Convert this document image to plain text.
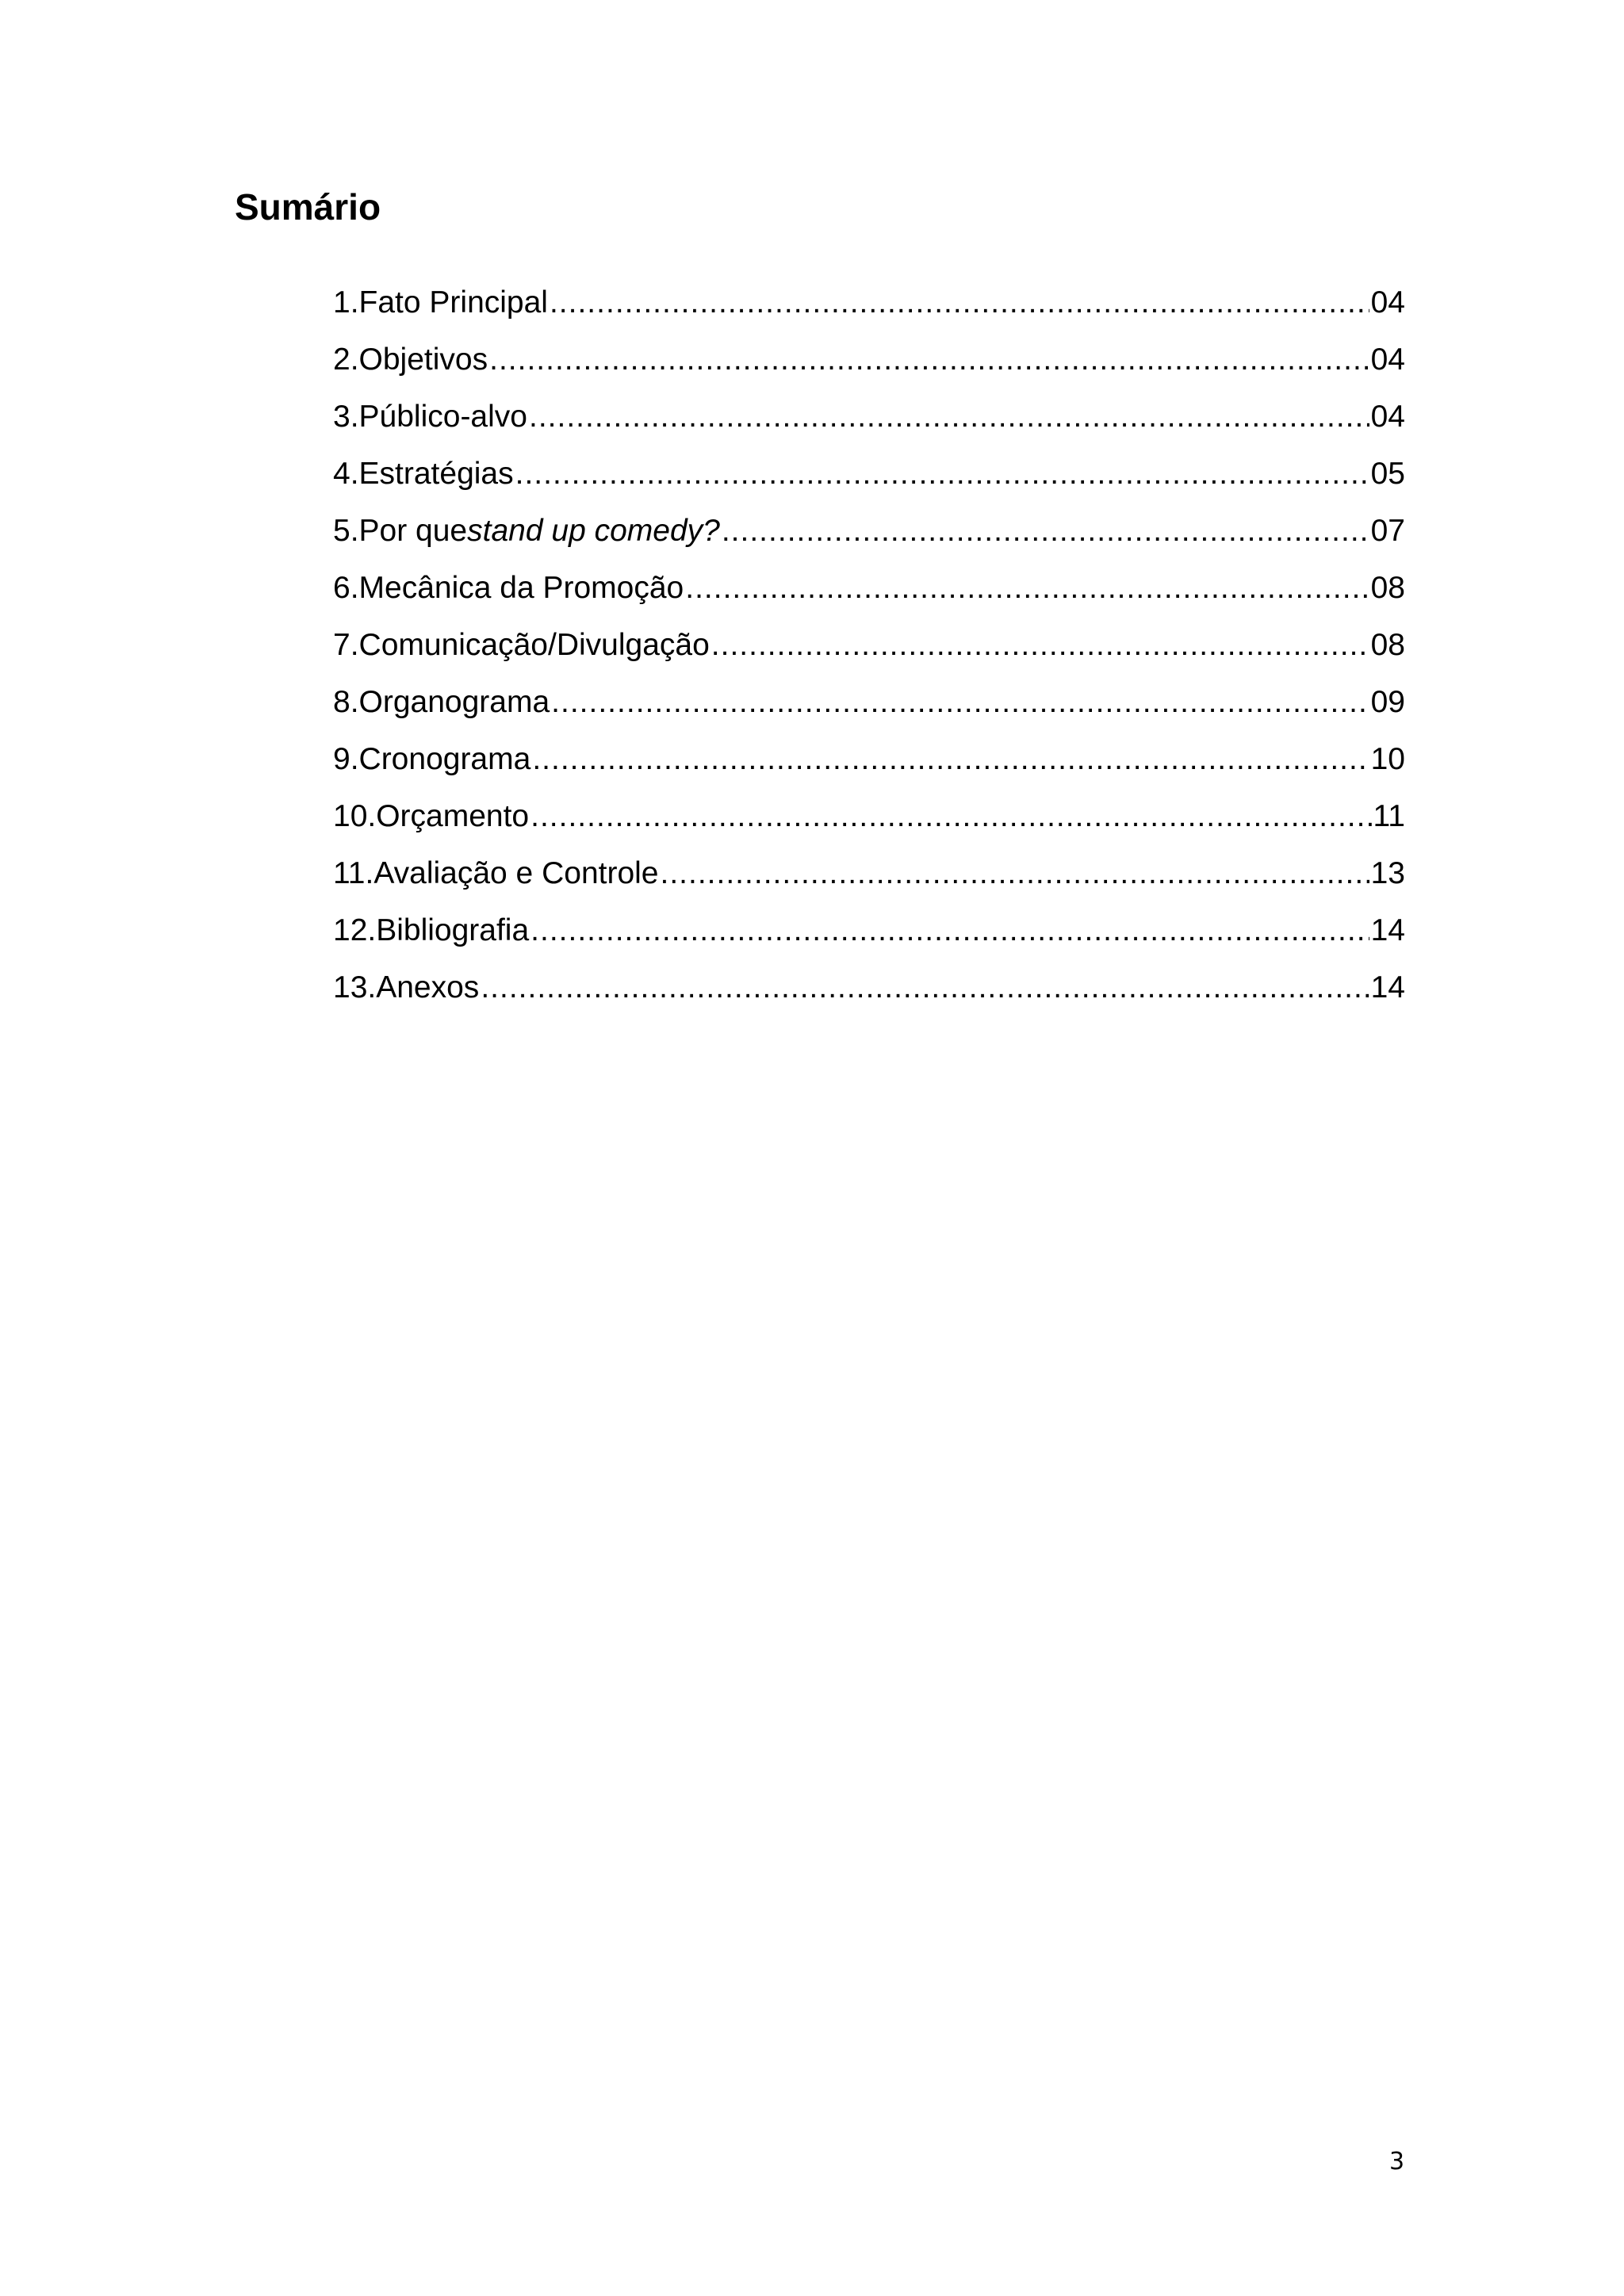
Sumário
1. Fato Principal .....	04
2. Objetivos .....	04
3. Público-alvo .....	04
4. Estratégias .....	05
5. Por que stand up comedy? .....	07
6. Mecânica da Promoção .....	08
7. Comunicação/Divulgação .....	08
8. Organograma .....	09
9. Cronograma .....	10
10. Orçamento .....	11
11. Avaliação e Controle .....	13
12. Bibliografia .....	14
13. Anexos .....	14
3
